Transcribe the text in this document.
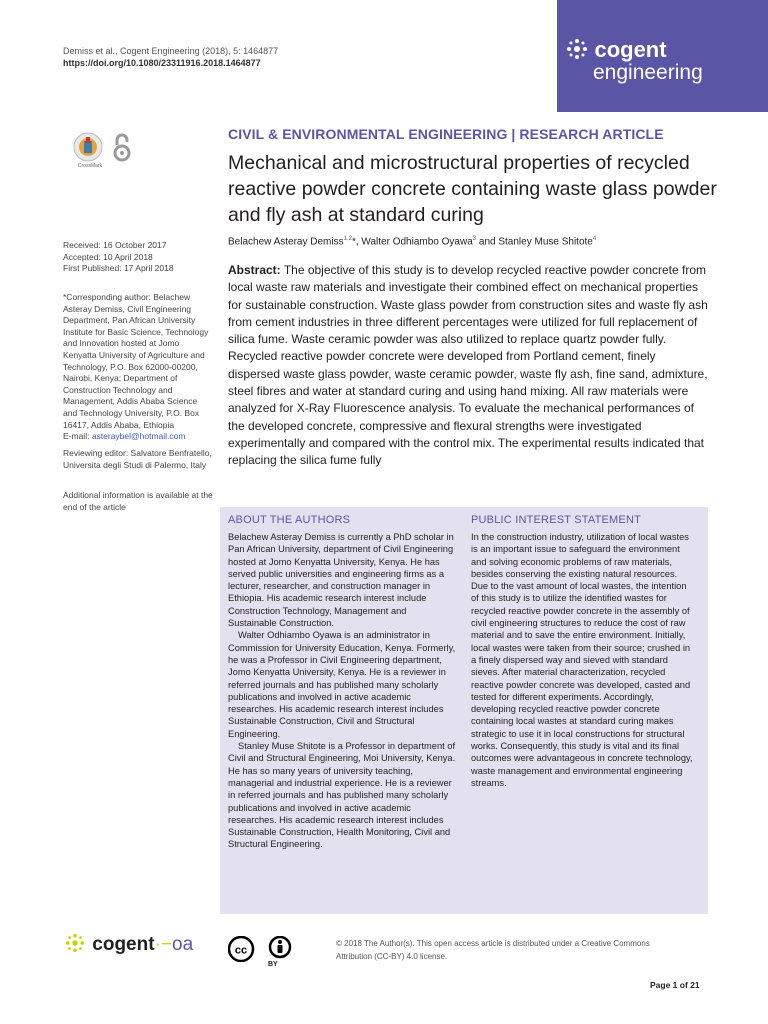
Demiss et al., Cogent Engineering (2018), 5: 1464877
https://doi.org/10.1080/23311916.2018.1464877
cogent
engineering
CrossMark
CIVIL & ENVIRONMENTAL ENGINEERING | RESEARCH ARTICLE
Mechanical and microstructural properties of recycled reactive powder concrete containing waste glass powder and fly ash at standard curing
Belachew Asteray Demiss$^{1,2}$*, Walter Odhiambo Oyawa$^3$ and Stanley Muse Shitote$^4$
Received: 16 October 2017
Accepted: 10 April 2018
First Published: 17 April 2018
*Corresponding author: Belachew Asteray Demiss, Civil Engineering Department, Pan African University Institute for Basic Science, Technology and Innovation hosted at Jomo Kenyatta University of Agriculture and Technology, P.O. Box 62000-00200, Nairobi, Kenya; Department of Construction Technology and Management, Addis Ababa Science and Technology University, P.O. Box 16417, Addis Ababa, Ethiopia
E-mail: asteraybel@hotmail.com
Reviewing editor: Salvatore Benfratello, Universita degli Studi di Palermo, Italy
Additional information is available at the end of the article
Abstract: The objective of this study is to develop recycled reactive powder concrete from local waste raw materials and investigate their combined effect on mechanical properties for sustainable construction. Waste glass powder from construction sites and waste fly ash from cement industries in three different percentages were utilized for full replacement of silica fume. Waste ceramic powder was also utilized to replace quartz powder fully. Recycled reactive powder concrete were developed from Portland cement, finely dispersed waste glass powder, waste ceramic powder, waste fly ash, fine sand, admixture, steel fibres and water at standard curing and using hand mixing. All raw materials were analyzed for X-Ray Fluorescence analysis. To evaluate the mechanical performances of the developed concrete, compressive and flexural strengths were investigated experimentally and compared with the control mix. The experimental results indicated that replacing the silica fume fully
ABOUT THE AUTHORS	PUBLIC INTEREST STATEMENT

Belachew Asteray Demiss is currently a PhD scholar in Pan African University, department of Civil Engineering hosted at Jomo Kenyatta University, Kenya. He has served public universities and engineering firms as a lecturer, researcher, and construction manager in Ethiopia. His academic research interest include Construction Technology, Management and Sustainable Construction.

Walter Odhiambo Oyawa is an administrator in Commission for University Education, Kenya. Formerly, he was a Professor in Civil Engineering department, Jomo Kenyatta University, Kenya. He is a reviewer in referred journals and has published many scholarly publications and involved in active academic researches. His academic research interest includes Sustainable Construction, Civil and Structural Engineering.

Stanley Muse Shitote is a Professor in department of Civil and Structural Engineering, Moi University, Kenya. He has so many years of university teaching, managerial and industrial experience. He is a reviewer in referred journals and has published many scholarly publications and involved in active academic researches. His academic research interest includes Sustainable Construction, Health Monitoring, Civil and Structural Engineering.

In the construction industry, utilization of local wastes is an important issue to safeguard the environment and solving economic problems of raw materials, besides conserving the existing natural resources. Due to the vast amount of local wastes, the intention of this study is to utilize the identified wastes for recycled reactive powder concrete in the assembly of civil engineering structures to reduce the cost of raw material and to save the entire environment. Initially, local wastes were taken from their source; crushed in a finely dispersed way and sieved with standard sieves. After material characterization, recycled reactive powder concrete was developed, casted and tested for different experiments. Accordingly, developing recycled reactive powder concrete containing local wastes at standard curing makes strategic to use it in local constructions for structural works. Consequently, this study is vital and its final outcomes were advantageous in concrete technology, waste management and environmental engineering streams.
cogent·−oa	cc
BY
© 2018 The Author(s). This open access article is distributed under a Creative Commons Attribution (CC-BY) 4.0 license.
Page 1 of 21
